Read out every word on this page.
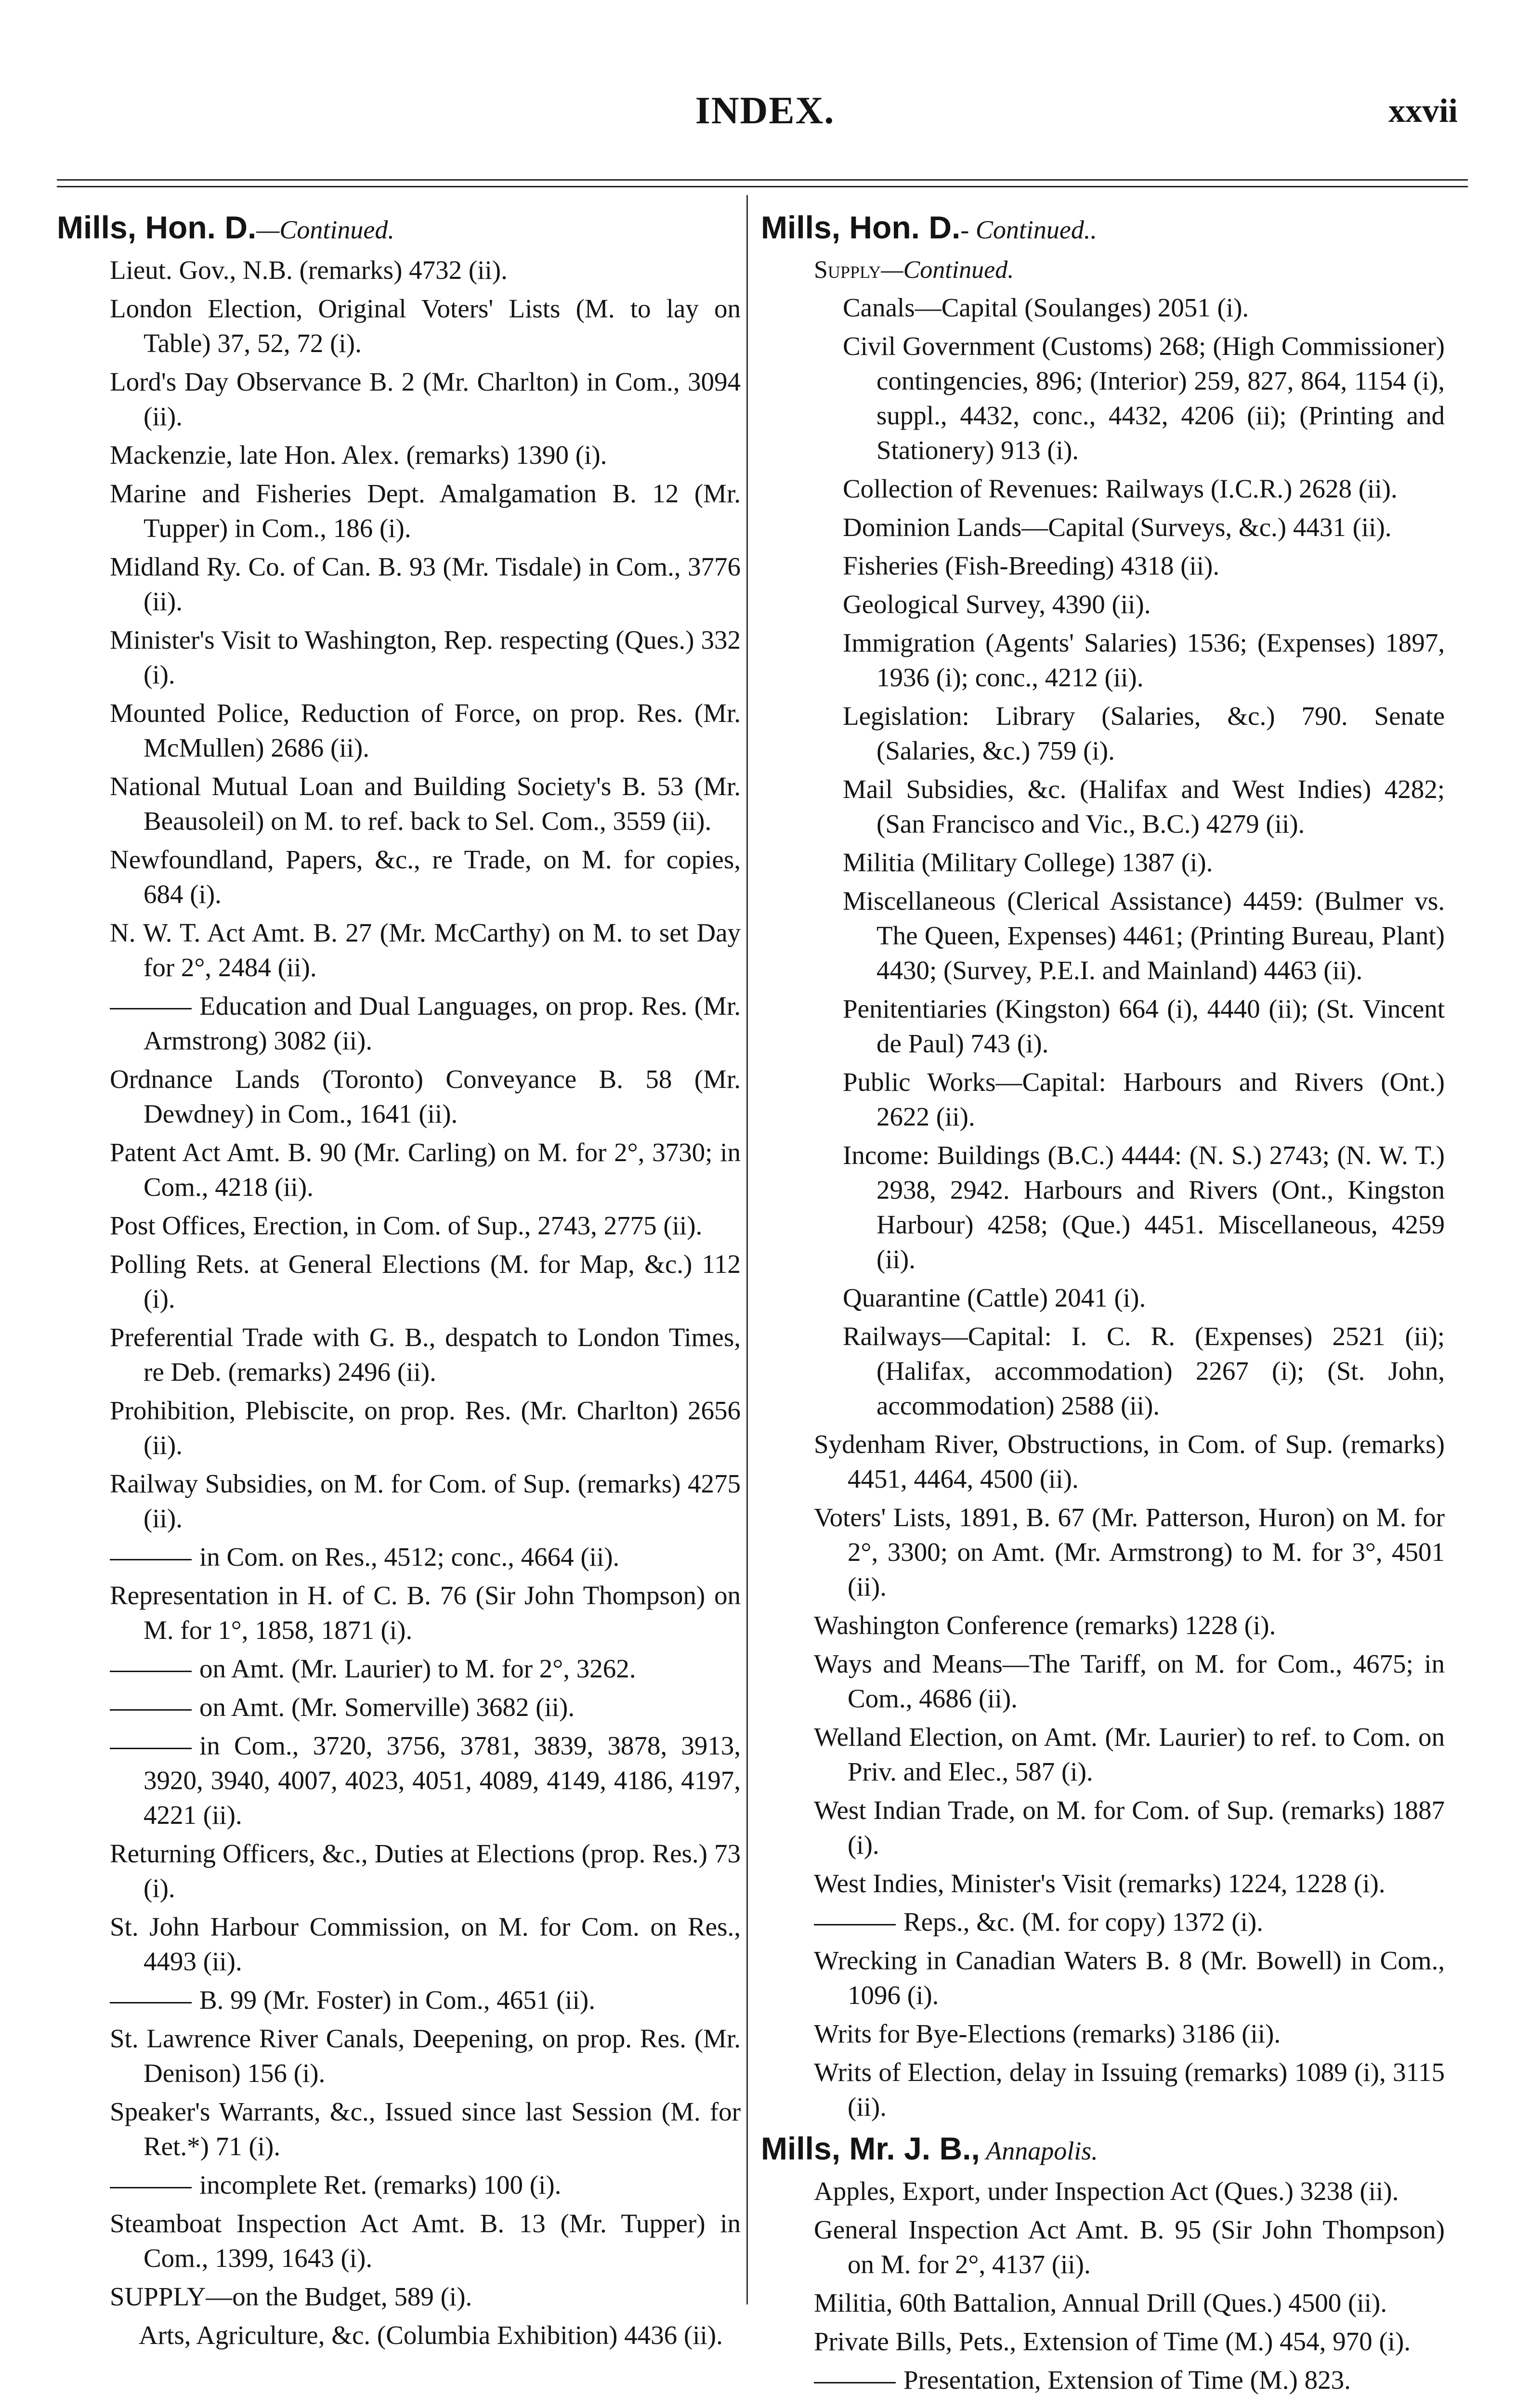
INDEX.	xxvii
Mills, Hon. D.—Continued.
Lieut. Gov., N.B. (remarks) 4732 (ii).
London Election, Original Voters' Lists (M. to lay on Table) 37, 52, 72 (i).
Lord's Day Observance B. 2 (Mr. Charlton) in Com., 3094 (ii).
Mackenzie, late Hon. Alex. (remarks) 1390 (i).
Marine and Fisheries Dept. Amalgamation B. 12 (Mr. Tupper) in Com., 186 (i).
Midland Ry. Co. of Can. B. 93 (Mr. Tisdale) in Com., 3776 (ii).
Minister's Visit to Washington, Rep. respecting (Ques.) 332 (i).
Mounted Police, Reduction of Force, on prop. Res. (Mr. McMullen) 2686 (ii).
National Mutual Loan and Building Society's B. 53 (Mr. Beausoleil) on M. to ref. back to Sel. Com., 3559 (ii).
Newfoundland, Papers, &c., re Trade, on M. for copies, 684 (i).
N. W. T. Act Amt. B. 27 (Mr. McCarthy) on M. to set Day for 2°, 2484 (ii).
Education and Dual Languages, on prop. Res. (Mr. Armstrong) 3082 (ii).
Ordnance Lands (Toronto) Conveyance B. 58 (Mr. Dewdney) in Com., 1641 (ii).
Patent Act Amt. B. 90 (Mr. Carling) on M. for 2°, 3730; in Com., 4218 (ii).
Post Offices, Erection, in Com. of Sup., 2743, 2775 (ii).
Polling Rets. at General Elections (M. for Map, &c.) 112 (i).
Preferential Trade with G. B., despatch to London Times, re Deb. (remarks) 2496 (ii).
Prohibition, Plebiscite, on prop. Res. (Mr. Charlton) 2656 (ii).
Railway Subsidies, on M. for Com. of Sup. (remarks) 4275 (ii).
in Com. on Res., 4512; conc., 4664 (ii).
Representation in H. of C. B. 76 (Sir John Thompson) on M. for 1°, 1858, 1871 (i).
on Amt. (Mr. Laurier) to M. for 2°, 3262.
on Amt. (Mr. Somerville) 3682 (ii).
in Com., 3720, 3756, 3781, 3839, 3878, 3913, 3920, 3940, 4007, 4023, 4051, 4089, 4149, 4186, 4197, 4221 (ii).
Returning Officers, &c., Duties at Elections (prop. Res.) 73 (i).
St. John Harbour Commission, on M. for Com. on Res., 4493 (ii).
B. 99 (Mr. Foster) in Com., 4651 (ii).
St. Lawrence River Canals, Deepening, on prop. Res. (Mr. Denison) 156 (i).
Speaker's Warrants, &c., Issued since last Session (M. for Ret.*) 71 (i).
incomplete Ret. (remarks) 100 (i).
Steamboat Inspection Act Amt. B. 13 (Mr. Tupper) in Com., 1399, 1643 (i).
SUPPLY—on the Budget, 589 (i).
Arts, Agriculture, &c. (Columbia Exhibition) 4436 (ii).
Mills, Hon. D.- Continued..
Supply—Continued.
Canals—Capital (Soulanges) 2051 (i).
Civil Government (Customs) 268; (High Commissioner) contingencies, 896; (Interior) 259, 827, 864, 1154 (i), suppl., 4432, conc., 4432, 4206 (ii); (Printing and Stationery) 913 (i).
Collection of Revenues: Railways (I.C.R.) 2628 (ii).
Dominion Lands—Capital (Surveys, &c.) 4431 (ii).
Fisheries (Fish-Breeding) 4318 (ii).
Geological Survey, 4390 (ii).
Immigration (Agents' Salaries) 1536; (Expenses) 1897, 1936 (i); conc., 4212 (ii).
Legislation: Library (Salaries, &c.) 790. Senate (Salaries, &c.) 759 (i).
Mail Subsidies, &c. (Halifax and West Indies) 4282; (San Francisco and Vic., B.C.) 4279 (ii).
Militia (Military College) 1387 (i).
Miscellaneous (Clerical Assistance) 4459: (Bulmer vs. The Queen, Expenses) 4461; (Printing Bureau, Plant) 4430; (Survey, P.E.I. and Mainland) 4463 (ii).
Penitentiaries (Kingston) 664 (i), 4440 (ii); (St. Vincent de Paul) 743 (i).
Public Works—Capital: Harbours and Rivers (Ont.) 2622 (ii).
Income: Buildings (B.C.) 4444: (N. S.) 2743; (N. W. T.) 2938, 2942. Harbours and Rivers (Ont., Kingston Harbour) 4258; (Que.) 4451. Miscellaneous, 4259 (ii).
Quarantine (Cattle) 2041 (i).
Railways—Capital: I. C. R. (Expenses) 2521 (ii); (Halifax, accommodation) 2267 (i); (St. John, accommodation) 2588 (ii).
Sydenham River, Obstructions, in Com. of Sup. (remarks) 4451, 4464, 4500 (ii).
Voters' Lists, 1891, B. 67 (Mr. Patterson, Huron) on M. for 2°, 3300; on Amt. (Mr. Armstrong) to M. for 3°, 4501 (ii).
Washington Conference (remarks) 1228 (i).
Ways and Means—The Tariff, on M. for Com., 4675; in Com., 4686 (ii).
Welland Election, on Amt. (Mr. Laurier) to ref. to Com. on Priv. and Elec., 587 (i).
West Indian Trade, on M. for Com. of Sup. (remarks) 1887 (i).
West Indies, Minister's Visit (remarks) 1224, 1228 (i).
Reps., &c. (M. for copy) 1372 (i).
Wrecking in Canadian Waters B. 8 (Mr. Bowell) in Com., 1096 (i).
Writs for Bye-Elections (remarks) 3186 (ii).
Writs of Election, delay in Issuing (remarks) 1089 (i), 3115 (ii).
Mills, Mr. J. B., Annapolis.
Apples, Export, under Inspection Act (Ques.) 3238 (ii).
General Inspection Act Amt. B. 95 (Sir John Thompson) on M. for 2°, 4137 (ii).
Militia, 60th Battalion, Annual Drill (Ques.) 4500 (ii).
Private Bills, Pets., Extension of Time (M.) 454, 970 (i).
Presentation, Extension of Time (M.) 823.
